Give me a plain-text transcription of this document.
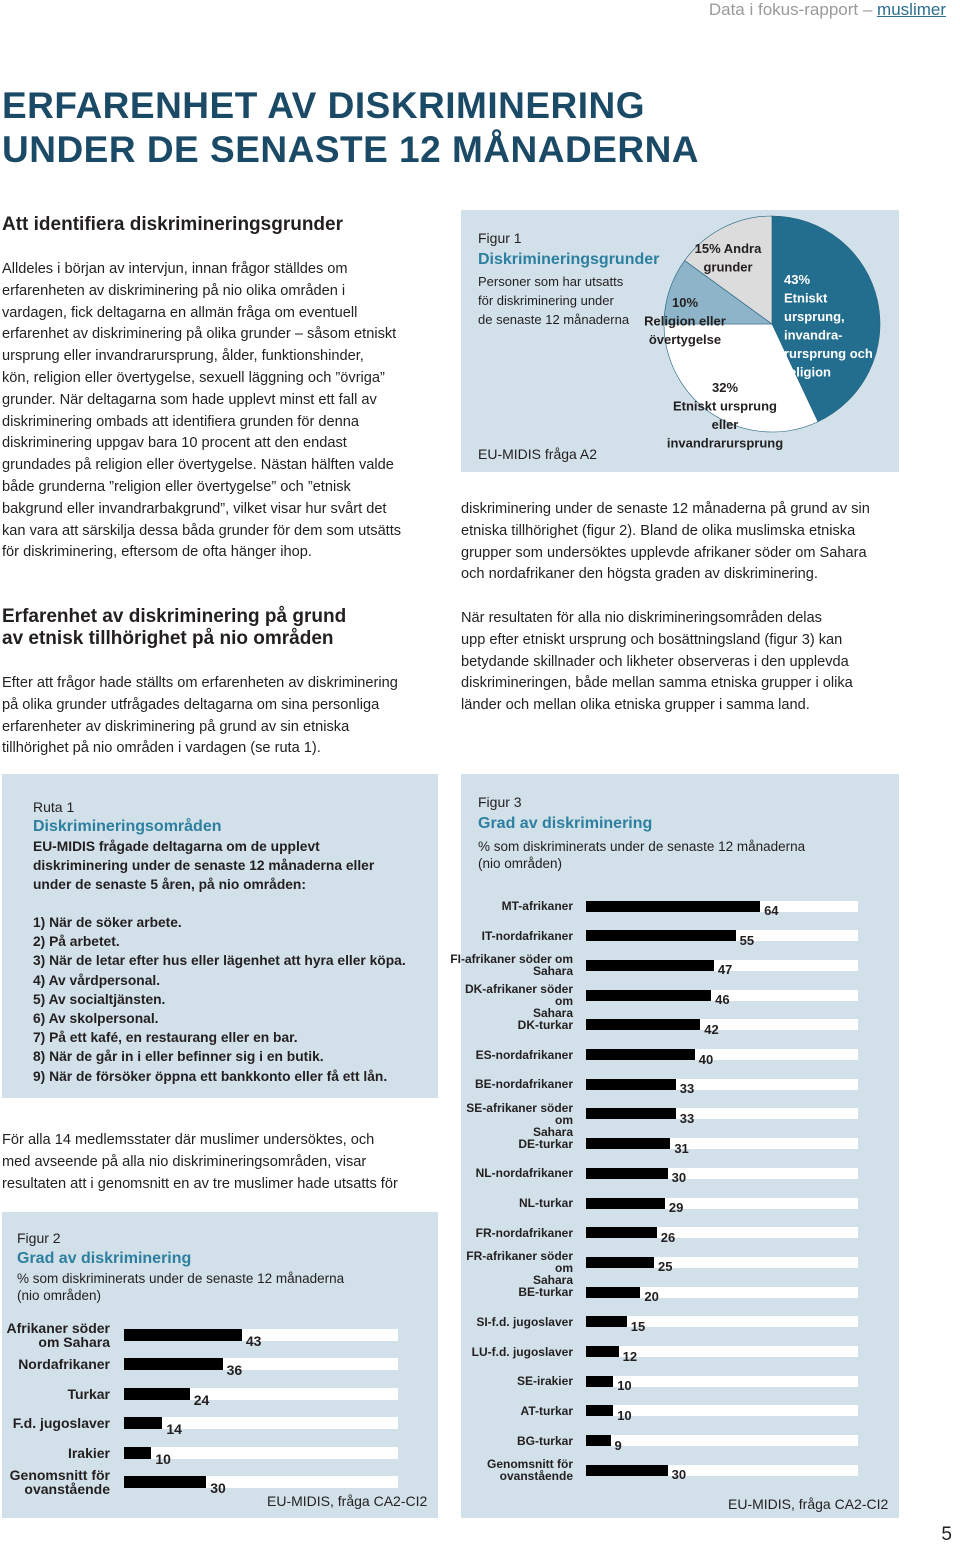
Data i fokus-rapport – muslimer
ERFARENHET AV DISKRIMINERING
UNDER DE SENASTE 12 MÅNADERNA
Att identifiera diskrimineringsgrunder
Alldeles i början av intervjun, innan frågor ställdes om
erfarenheten av diskriminering på nio olika områden i
vardagen, fick deltagarna en allmän fråga om eventuell
erfarenhet av diskriminering på olika grunder – såsom etniskt
ursprung eller invandrarursprung, ålder, funktionshinder,
kön, religion eller övertygelse, sexuell läggning och ”övriga”
grunder. När deltagarna som hade upplevt minst ett fall av
diskriminering ombads att identifiera grunden för denna
diskriminering uppgav bara 10 procent att den endast
grundades på religion eller övertygelse. Nästan hälften valde
både grunderna ”religion eller övertygelse” och ”etnisk
bakgrund eller invandrarbakgrund”, vilket visar hur svårt det
kan vara att särskilja dessa båda grunder för dem som utsätts
för diskriminering, eftersom de ofta hänger ihop.
Erfarenhet av diskriminering på grund
av etnisk tillhörighet på nio områden
Efter att frågor hade ställts om erfarenheten av diskriminering
på olika grunder utfrågades deltagarna om sina personliga
erfarenheter av diskriminering på grund av sin etniska
tillhörighet på nio områden i vardagen (se ruta 1).
Figur 1
Diskrimineringsgrunder
Personer som har utsatts
för diskriminering under
de senaste 12 månaderna
EU-MIDIS fråga A2
43% Etniskt ursprung, invandra-rursprung och religion
32% Etniskt ursprung eller invandrarursprung
10% Religion eller övertygelse
15% Andra grunder
diskriminering under de senaste 12 månaderna på grund av sin
etniska tillhörighet (figur 2). Bland de olika muslimska etniska
grupper som undersöktes upplevde afrikaner söder om Sahara
och nordafrikaner den högsta graden av diskriminering.
När resultaten för alla nio diskrimineringsområden delas
upp efter etniskt ursprung och bosättningsland (figur 3) kan
betydande skillnader och likheter observeras i den upplevda
diskrimineringen, både mellan samma etniska grupper i olika
länder och mellan olika etniska grupper i samma land.
Ruta 1
Diskrimineringsområden
EU-MIDIS frågade deltagarna om de upplevt
diskriminering under de senaste 12 månaderna eller
under de senaste 5 åren, på nio områden:
1) När de söker arbete.
2) På arbetet.
3) När de letar efter hus eller lägenhet att hyra eller köpa.
4) Av vårdpersonal.
5) Av socialtjänsten.
6) Av skolpersonal.
7) På ett kafé, en restaurang eller en bar.
8) När de går in i eller befinner sig i en butik.
9) När de försöker öppna ett bankkonto eller få ett lån.
För alla 14 medlemsstater där muslimer undersöktes, och
med avseende på alla nio diskrimineringsområden, visar
resultaten att i genomsnitt en av tre muslimer hade utsatts för
Figur 2
Grad av diskriminering
% som diskriminerats under de senaste 12 månaderna
(nio områden)
43
Afrikaner söder
om Sahara
36
Nordafrikaner
24
Turkar
14
F.d. jugoslaver
10
Irakier
30
Genomsnitt för
ovanstående
EU-MIDIS, fråga CA2-CI2
Figur 3
Grad av diskriminering
% som diskriminerats under de senaste 12 månaderna
(nio områden)
64
MT-afrikaner
55
IT-nordafrikaner
47
FI-afrikaner söder om
Sahara
46
DK-afrikaner söder om
Sahara
42
DK-turkar
40
ES-nordafrikaner
33
BE-nordafrikaner
33
SE-afrikaner söder om
Sahara
31
DE-turkar
30
NL-nordafrikaner
29
NL-turkar
26
FR-nordafrikaner
25
FR-afrikaner söder om
Sahara
20
BE-turkar
15
SI-f.d. jugoslaver
12
LU-f.d. jugoslaver
10
SE-irakier
10
AT-turkar
9
BG-turkar
30
Genomsnitt för
ovanstående
EU-MIDIS, fråga CA2-CI2
5
